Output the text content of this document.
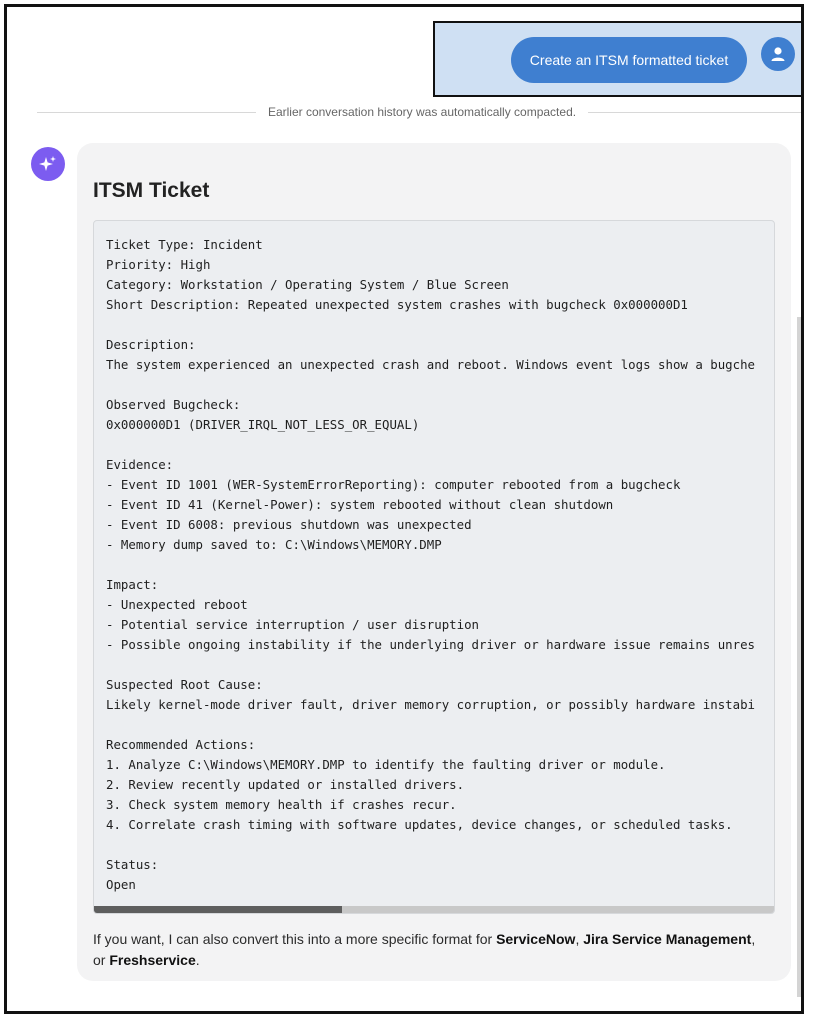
Create an ITSM formatted ticket
Earlier conversation history was automatically compacted.
ITSM Ticket
Ticket Type: Incident
Priority: High
Category: Workstation / Operating System / Blue Screen
Short Description: Repeated unexpected system crashes with bugcheck 0x000000D1

Description:
The system experienced an unexpected crash and reboot. Windows event logs show a bugche

Observed Bugcheck:
0x000000D1 (DRIVER_IRQL_NOT_LESS_OR_EQUAL)

Evidence:
- Event ID 1001 (WER-SystemErrorReporting): computer rebooted from a bugcheck
- Event ID 41 (Kernel-Power): system rebooted without clean shutdown
- Event ID 6008: previous shutdown was unexpected
- Memory dump saved to: C:\Windows\MEMORY.DMP

Impact:
- Unexpected reboot
- Potential service interruption / user disruption
- Possible ongoing instability if the underlying driver or hardware issue remains unres

Suspected Root Cause:
Likely kernel-mode driver fault, driver memory corruption, or possibly hardware instabi

Recommended Actions:
1. Analyze C:\Windows\MEMORY.DMP to identify the faulting driver or module.
2. Review recently updated or installed drivers.
3. Check system memory health if crashes recur.
4. Correlate crash timing with software updates, device changes, or scheduled tasks.

Status:
Open

If you want, I can also convert this into a more specific format for ServiceNow, Jira Service Management,
or Freshservice.
